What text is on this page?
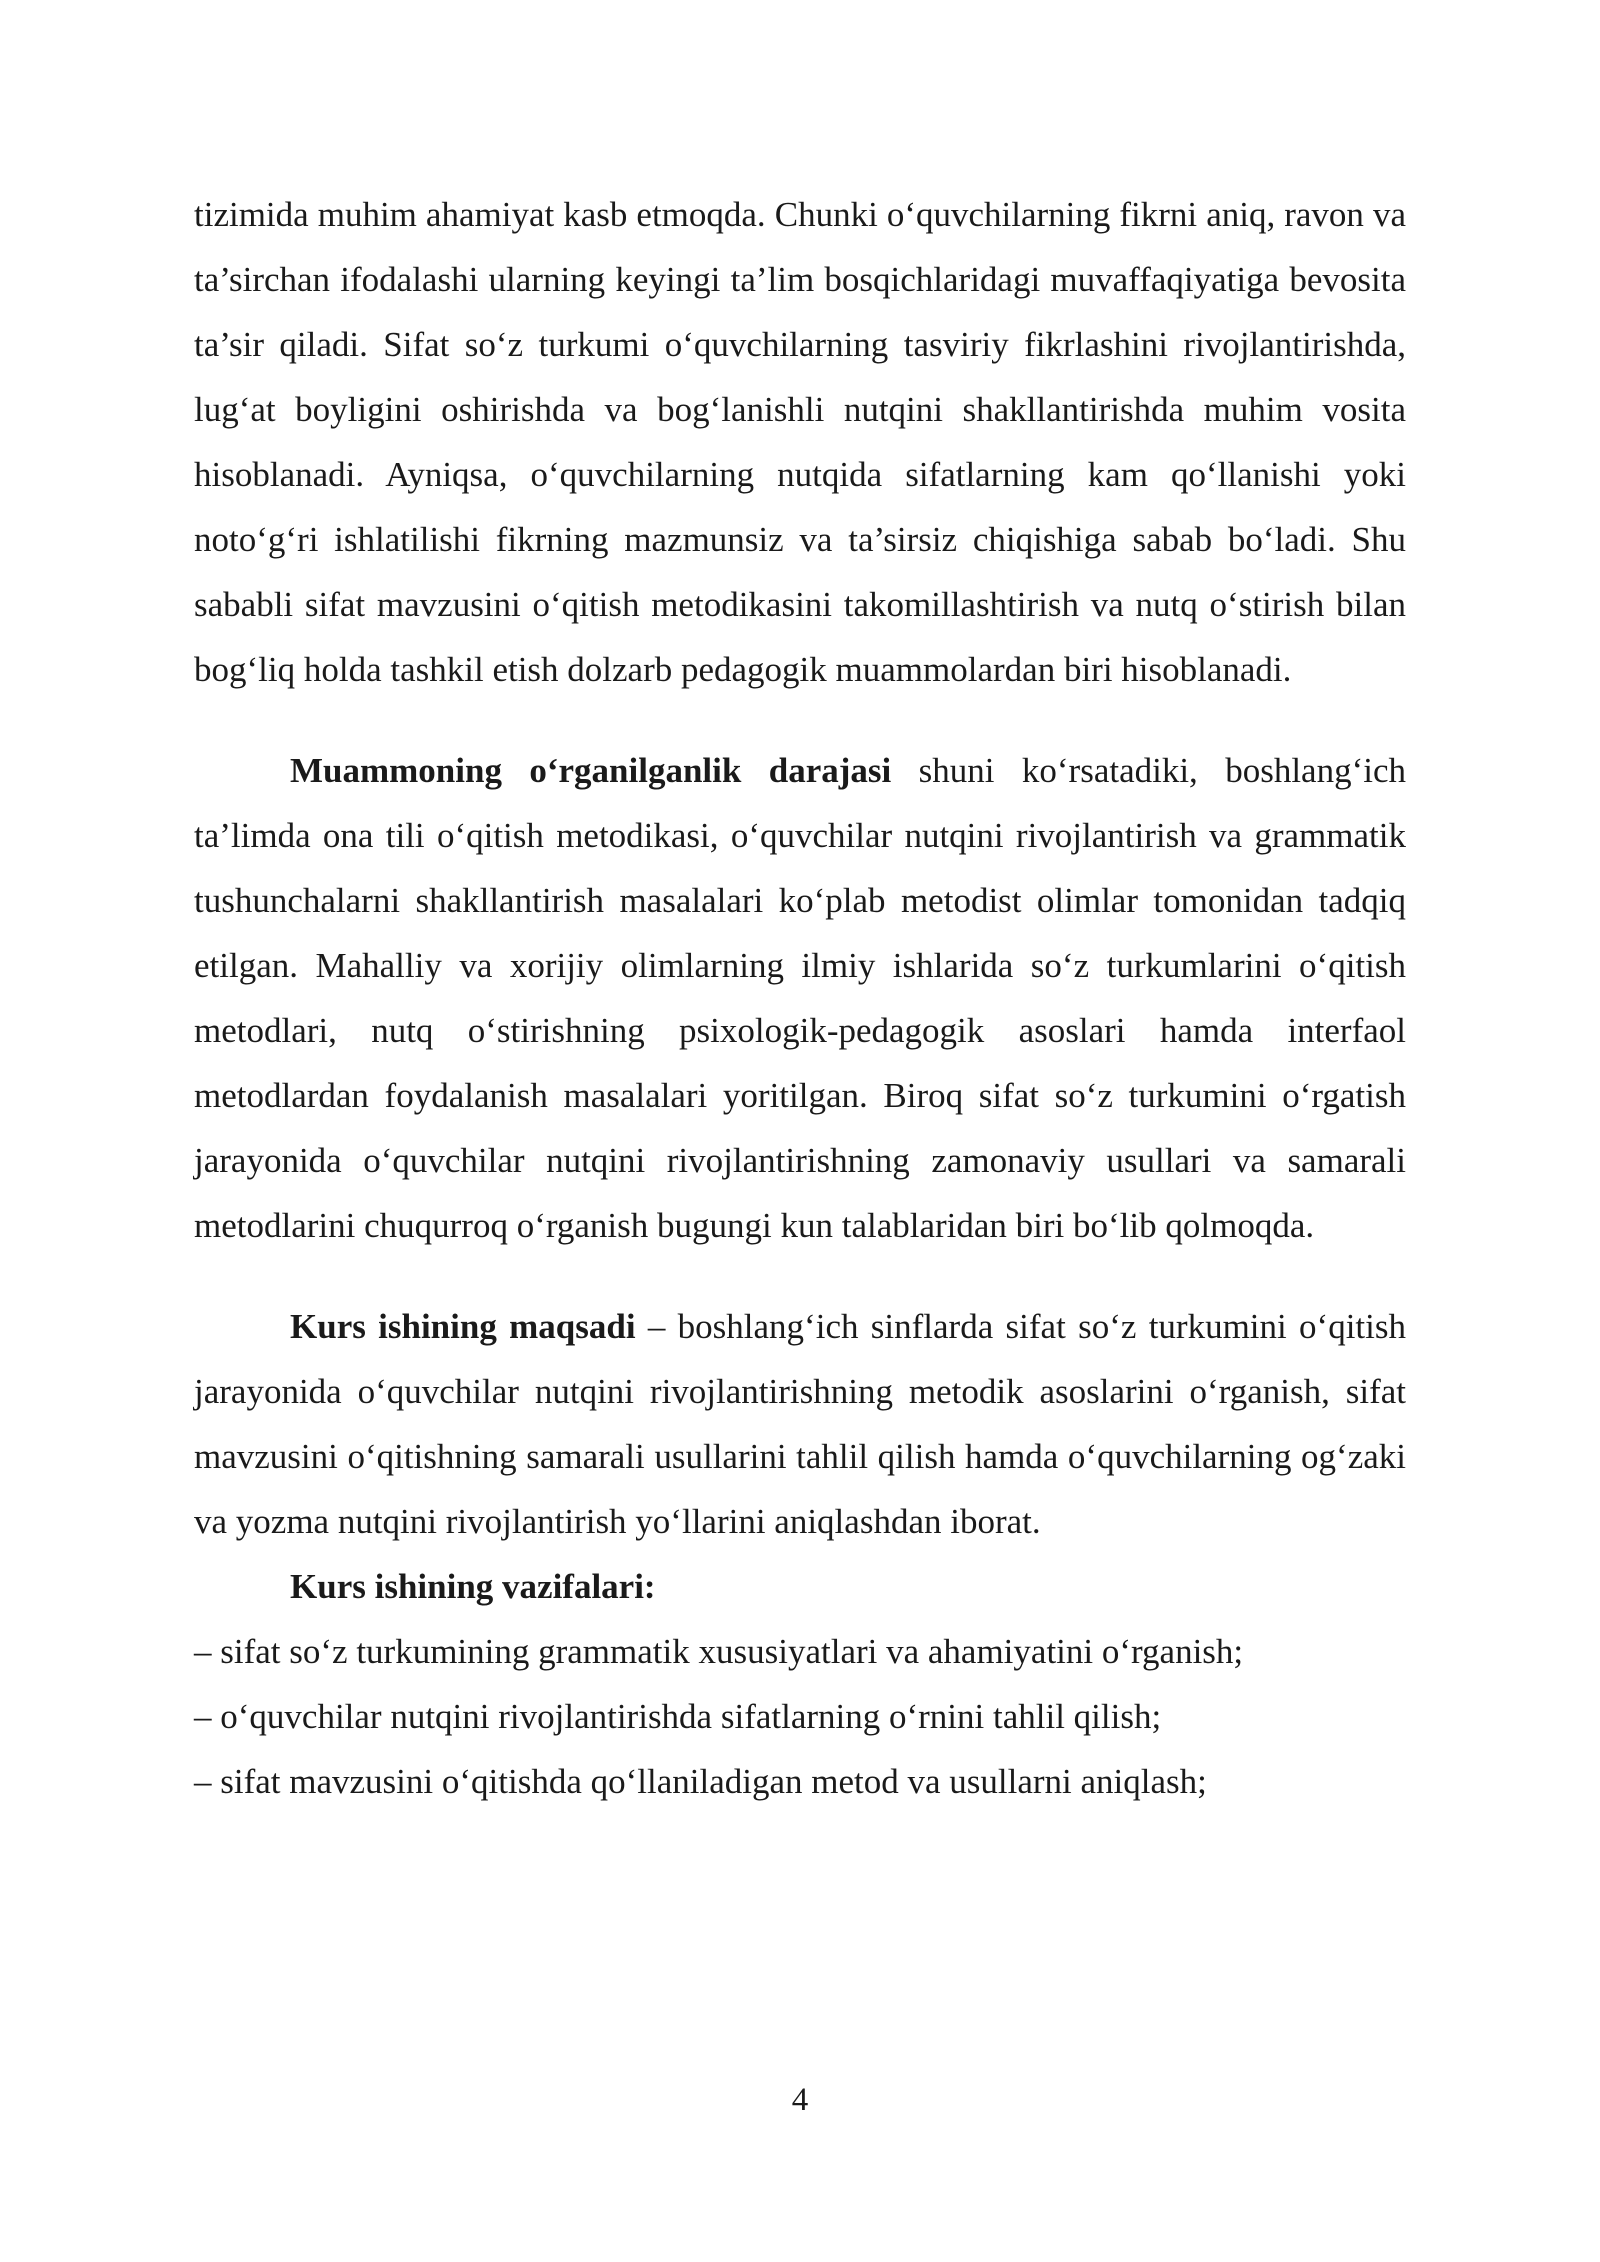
tizimida muhim ahamiyat kasb etmoqda. Chunki o‘quvchilarning fikrni aniq, ravon va ta’sirchan ifodalashi ularning keyingi ta’lim bosqichlaridagi muvaffaqiyatiga bevosita ta’sir qiladi. Sifat so‘z turkumi o‘quvchilarning tasviriy fikrlashini rivojlantirishda, lug‘at boyligini oshirishda va bog‘lanishli nutqini shakllantirishda muhim vosita hisoblanadi. Ayniqsa, o‘quvchilarning nutqida sifatlarning kam qo‘llanishi yoki noto‘g‘ri ishlatilishi fikrning mazmunsiz va ta’sirsiz chiqishiga sabab bo‘ladi. Shu sababli sifat mavzusini o‘qitish metodikasini takomillashtirish va nutq o‘stirish bilan bog‘liq holda tashkil etish dolzarb pedagogik muammolardan biri hisoblanadi.

Muammoning o‘rganilganlik darajasi shuni ko‘rsatadiki, boshlang‘ich ta’limda ona tili o‘qitish metodikasi, o‘quvchilar nutqini rivojlantirish va grammatik tushunchalarni shakllantirish masalalari ko‘plab metodist olimlar tomonidan tadqiq etilgan. Mahalliy va xorijiy olimlarning ilmiy ishlarida so‘z turkumlarini o‘qitish metodlari, nutq o‘stirishning psixologik-pedagogik asoslari hamda interfaol metodlardan foydalanish masalalari yoritilgan. Biroq sifat so‘z turkumini o‘rgatish jarayonida o‘quvchilar nutqini rivojlantirishning zamonaviy usullari va samarali metodlarini chuqurroq o‘rganish bugungi kun talablaridan biri bo‘lib qolmoqda.

Kurs ishining maqsadi – boshlang‘ich sinflarda sifat so‘z turkumini o‘qitish jarayonida o‘quvchilar nutqini rivojlantirishning metodik asoslarini o‘rganish, sifat mavzusini o‘qitishning samarali usullarini tahlil qilish hamda o‘quvchilarning og‘zaki va yozma nutqini rivojlantirish yo‘llarini aniqlashdan iborat.

Kurs ishining vazifalari:

– sifat so‘z turkumining grammatik xususiyatlari va ahamiyatini o‘rganish;
– o‘quvchilar nutqini rivojlantirishda sifatlarning o‘rnini tahlil qilish;
– sifat mavzusini o‘qitishda qo‘llaniladigan metod va usullarni aniqlash;
4
